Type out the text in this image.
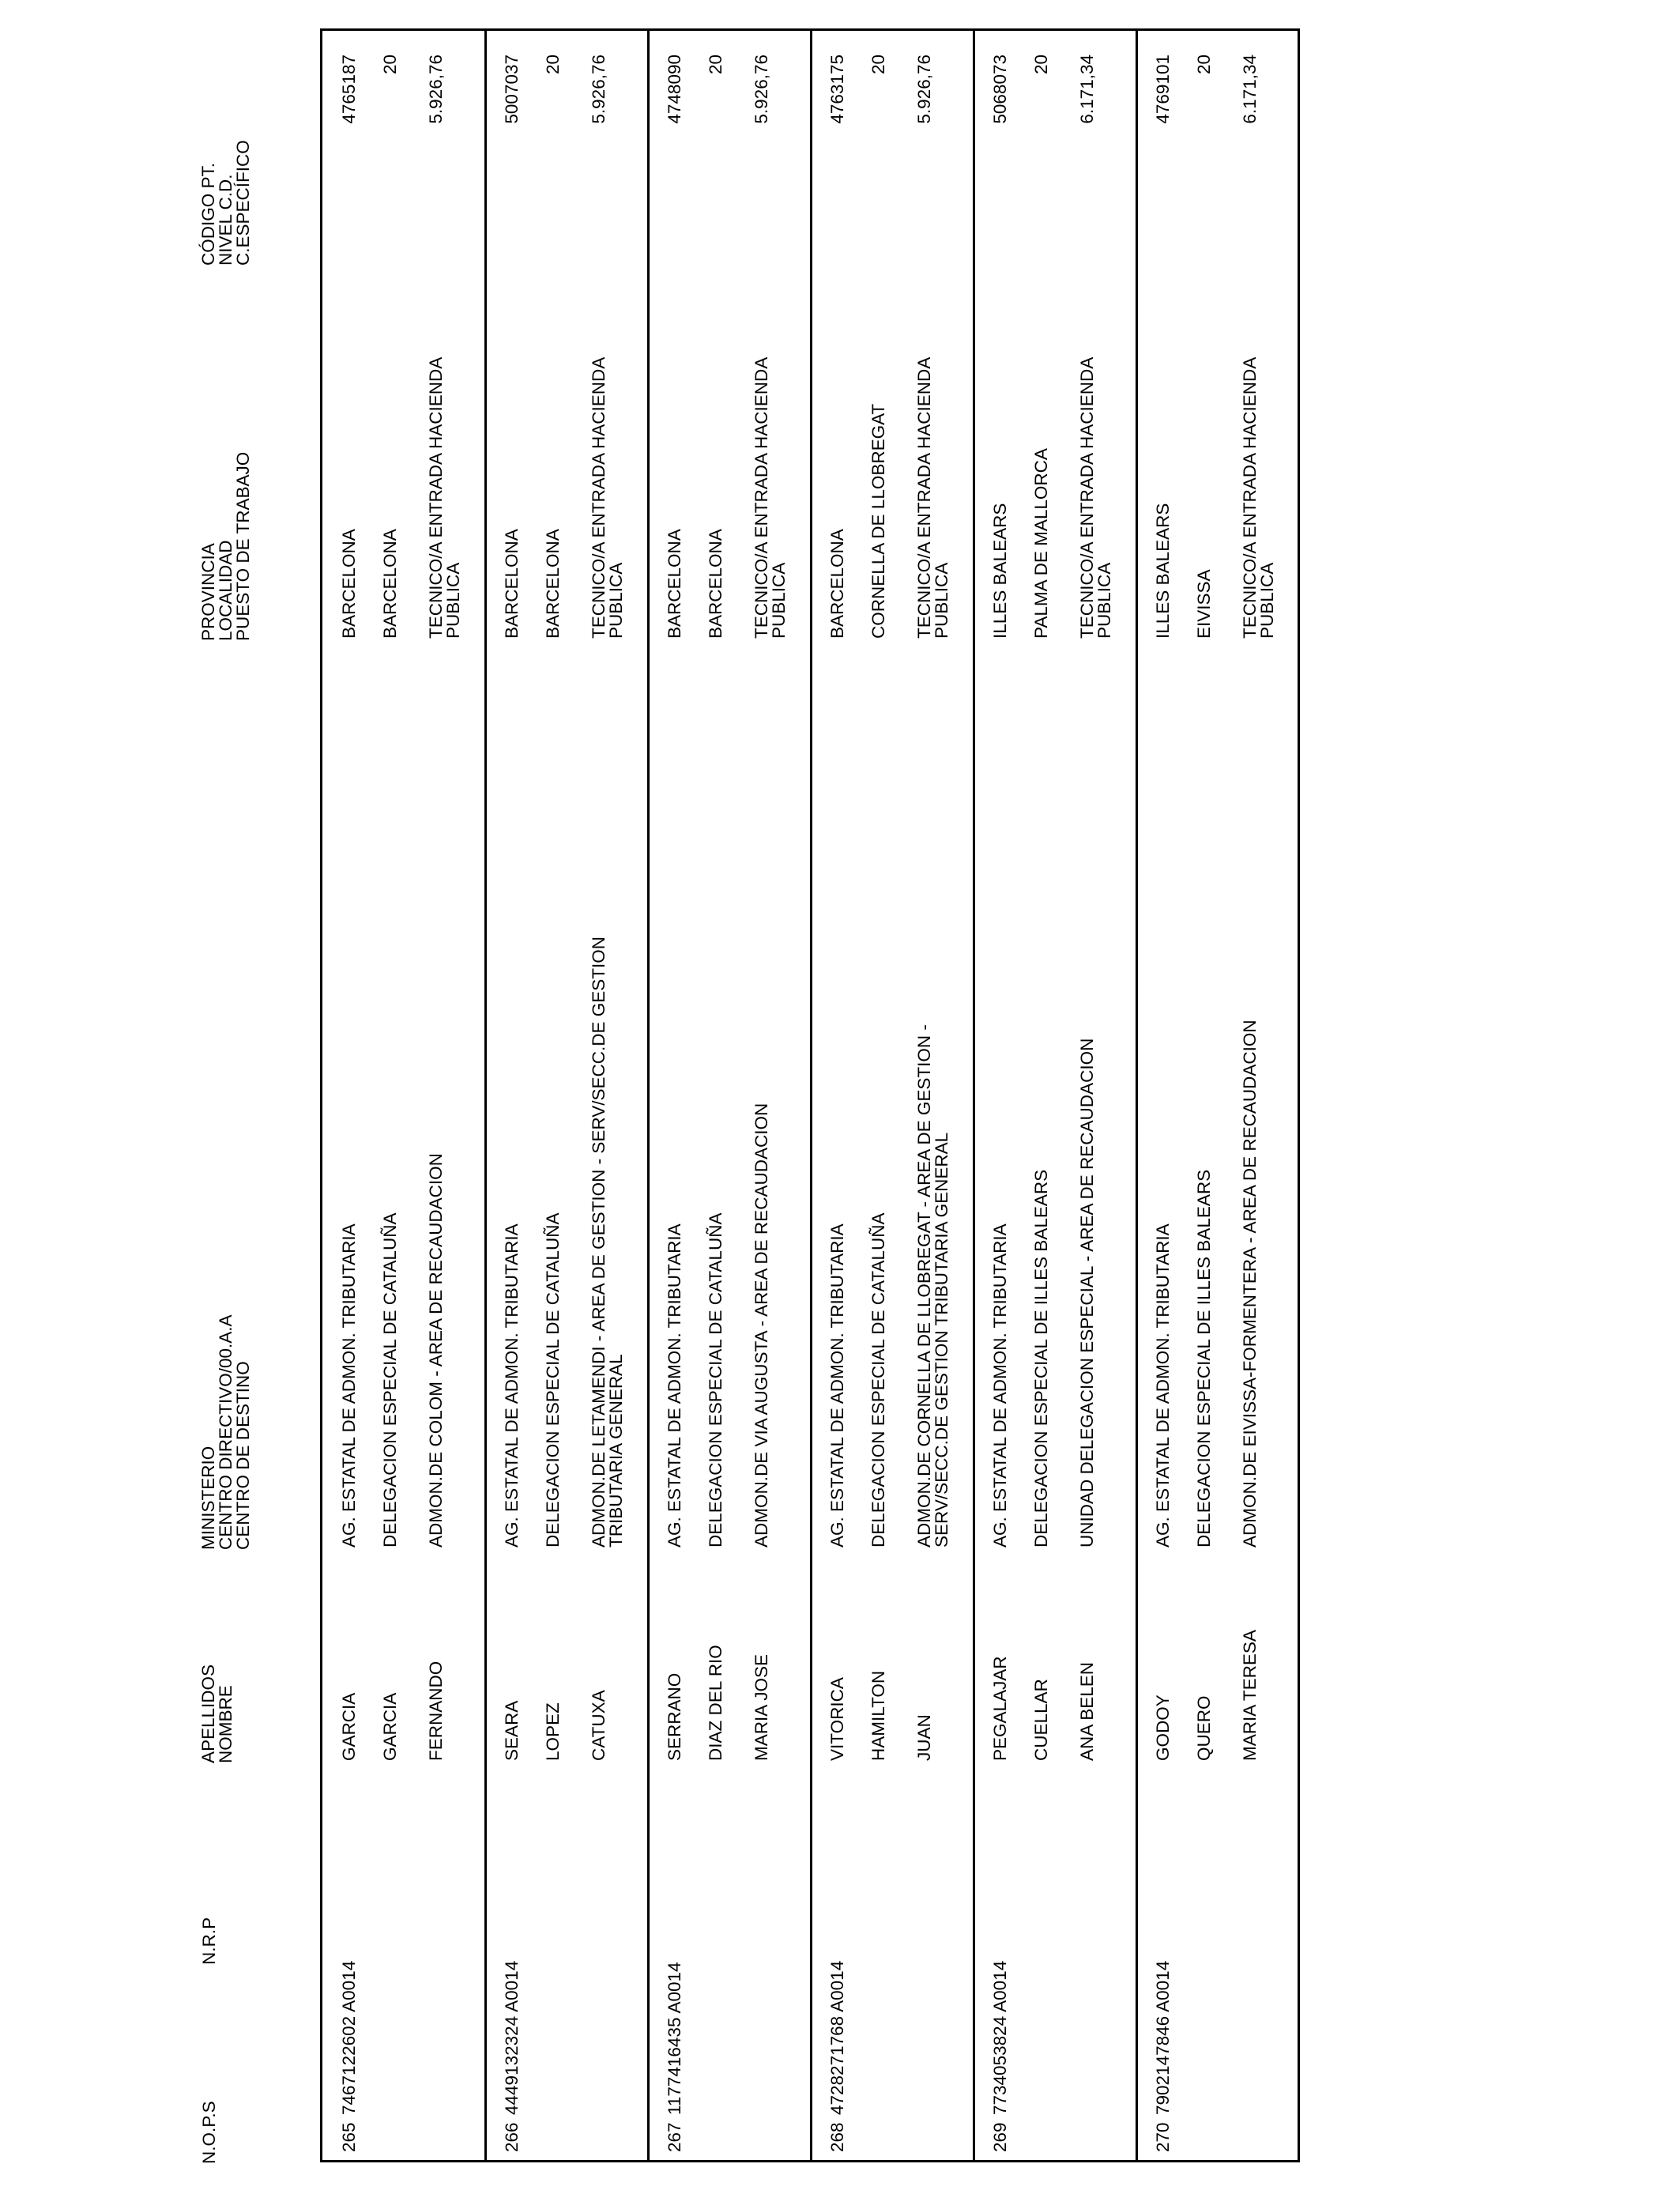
N.O.P.S
N.R.P
APELLIDOS
NOMBRE
MINISTERIO
CENTRO DIRECTIVO/00.A.A
CENTRO DE DESTINO
PROVINCIA
LOCALIDAD
PUESTO DE TRABAJO
CÓDIGO PT.
NIVEL C.D.
C.ESPECÍFICO
265
7467122602 A0014
GARCIA GARCIA FERNANDO
AG. ESTATAL DE ADMON. TRIBUTARIA DELEGACION ESPECIAL DE CATALUÑA ADMON.DE COLOM - AREA DE RECAUDACION
BARCELONA BARCELONA TECNICO/A ENTRADA HACIENDA
PUBLICA
4765187 20 5.926,76
266
4449132324 A0014
SEARA LOPEZ CATUXA
AG. ESTATAL DE ADMON. TRIBUTARIA DELEGACION ESPECIAL DE CATALUÑA ADMON.DE LETAMENDI - AREA DE GESTION - SERV/SECC.DE GESTION
TRIBUTARIA GENERAL
BARCELONA BARCELONA TECNICO/A ENTRADA HACIENDA
PUBLICA
5007037 20 5.926,76
267
1177416435 A0014
SERRANO DIAZ DEL RIO MARIA JOSE
AG. ESTATAL DE ADMON. TRIBUTARIA DELEGACION ESPECIAL DE CATALUÑA ADMON.DE VIA AUGUSTA - AREA DE RECAUDACION
BARCELONA BARCELONA TECNICO/A ENTRADA HACIENDA
PUBLICA
4748090 20 5.926,76
268
4728271768 A0014
VITORICA HAMILTON JUAN
AG. ESTATAL DE ADMON. TRIBUTARIA DELEGACION ESPECIAL DE CATALUÑA ADMON.DE CORNELLA DE LLOBREGAT - AREA DE GESTION -
SERV/SECC.DE GESTION TRIBUTARIA GENERAL
BARCELONA CORNELLA DE LLOBREGAT TECNICO/A ENTRADA HACIENDA
PUBLICA
4763175 20 5.926,76
269
7734053824 A0014
PEGALAJAR CUELLAR ANA BELEN
AG. ESTATAL DE ADMON. TRIBUTARIA DELEGACION ESPECIAL DE ILLES BALEARS UNIDAD DELEGACION ESPECIAL - AREA DE RECAUDACION
ILLES BALEARS PALMA DE MALLORCA TECNICO/A ENTRADA HACIENDA
PUBLICA
5068073 20 6.171,34
270
7902147846 A0014
GODOY QUERO MARIA TERESA
AG. ESTATAL DE ADMON. TRIBUTARIA DELEGACION ESPECIAL DE ILLES BALEARS ADMON.DE EIVISSA-FORMENTERA - AREA DE RECAUDACION
ILLES BALEARS EIVISSA TECNICO/A ENTRADA HACIENDA
PUBLICA
4769101 20 6.171,34
